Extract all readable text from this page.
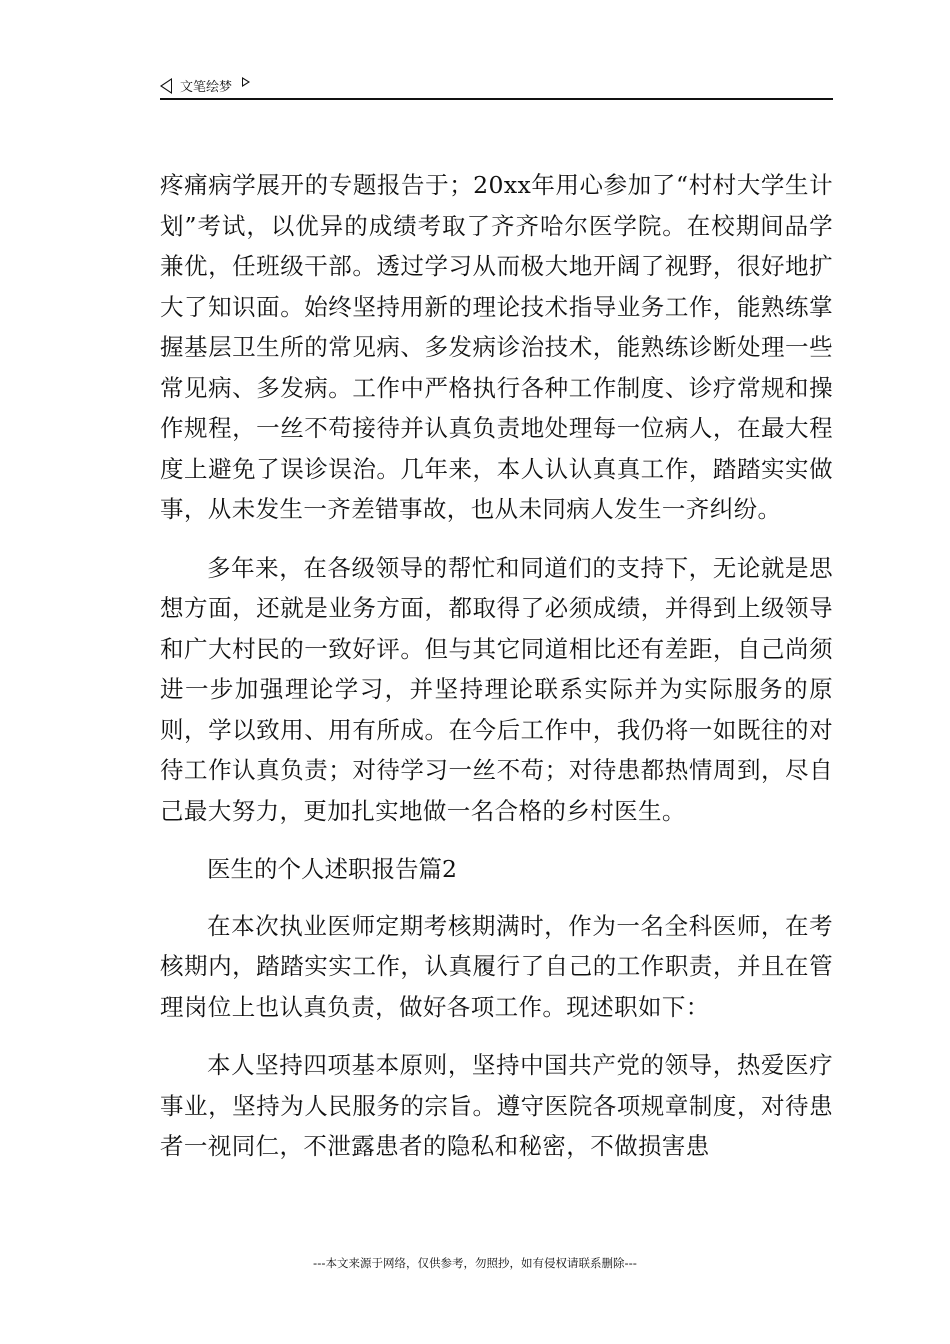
文笔绘梦

疼痛病学展开的专题报告于；20xx年用心参加了“村村大学生计划”考试，以优异的成绩考取了齐齐哈尔医学院。在校期间品学兼优，任班级干部。透过学习从而极大地开阔了视野，很好地扩大了知识面。始终坚持用新的理论技术指导业务工作，能熟练掌握基层卫生所的常见病、多发病诊治技术，能熟练诊断处理一些常见病、多发病。工作中严格执行各种工作制度、诊疗常规和操作规程，一丝不苟接待并认真负责地处理每一位病人，在最大程度上避免了误诊误治。几年来，本人认认真真工作，踏踏实实做事，从未发生一齐差错事故，也从未同病人发生一齐纠纷。

多年来，在各级领导的帮忙和同道们的支持下，无论就是思想方面，还就是业务方面，都取得了必须成绩，并得到上级领导和广大村民的一致好评。但与其它同道相比还有差距，自己尚须进一步加强理论学习，并坚持理论联系实际并为实际服务的原则，学以致用、用有所成。在今后工作中，我仍将一如既往的对待工作认真负责；对待学习一丝不苟；对待患都热情周到，尽自己最大努力，更加扎实地做一名合格的乡村医生。

医生的个人述职报告篇2

在本次执业医师定期考核期满时，作为一名全科医师，在考核期内，踏踏实实工作，认真履行了自己的工作职责，并且在管理岗位上也认真负责，做好各项工作。现述职如下：

本人坚持四项基本原则，坚持中国共产党的领导，热爱医疗事业，坚持为人民服务的宗旨。遵守医院各项规章制度，对待患者一视同仁，不泄露患者的隐私和秘密，不做损害患

---本文来源于网络，仅供参考，勿照抄，如有侵权请联系删除---
